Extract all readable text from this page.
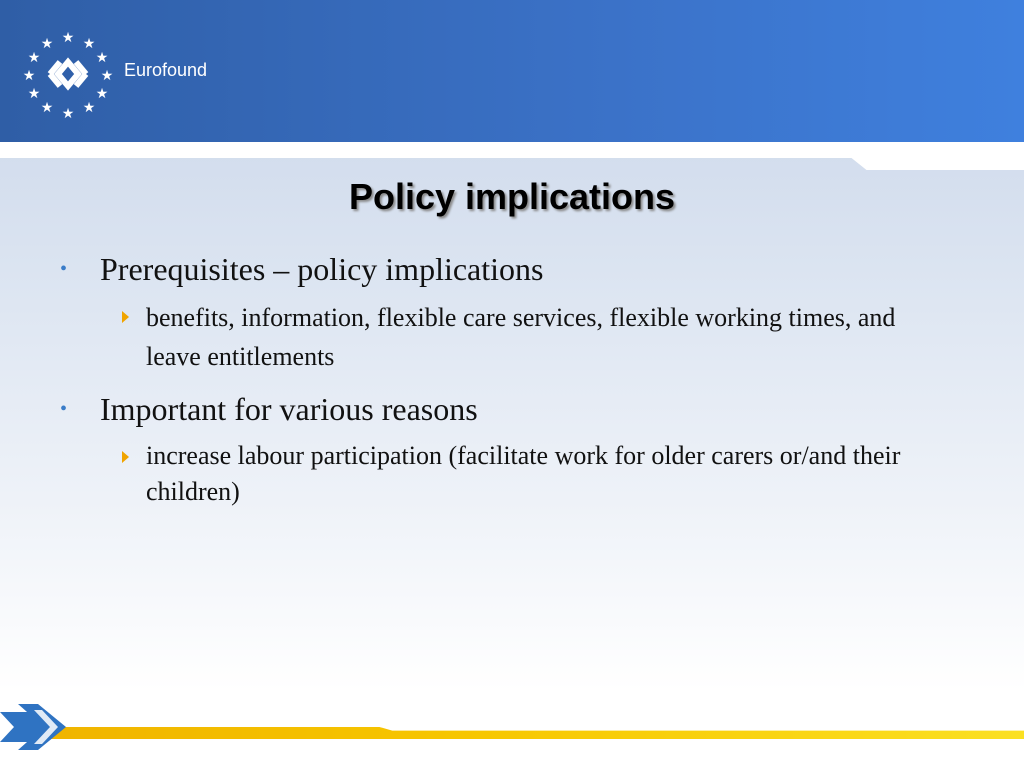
★ ★
★
★
★
★
★
★
★
★
★
★
Eurofound
Policy implications
• Prerequisites – policy implications
benefits, information, flexible care services, flexible working times, and leave entitlements
• Important for various reasons
increase labour participation (facilitate work for older carers or/and their children)
